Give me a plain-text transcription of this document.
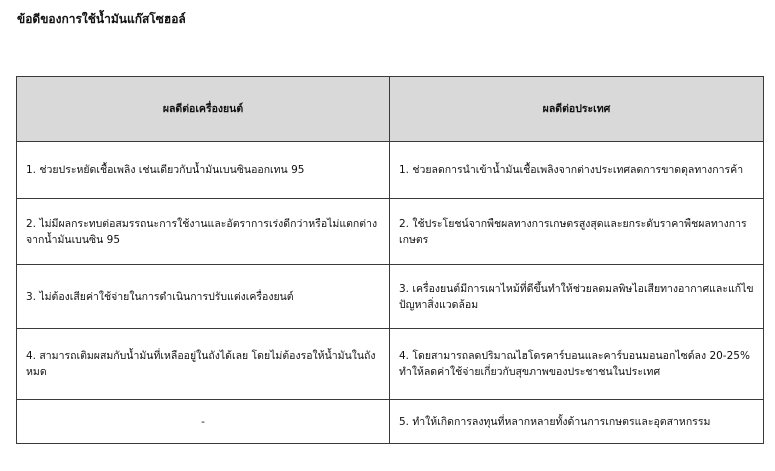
ข้อดีของการใช้น้ำมันแก๊สโซฮอล์
ผลดีต่อเครื่องยนต์	ผลดีต่อประเทศ
1. ช่วยประหยัดเชื้อเพลิง เช่นเดียวกับน้ำมันเบนซินออกเทน 95	1. ช่วยลดการนำเข้าน้ำมันเชื้อเพลิงจากต่างประเทศลดการขาดดุลทางการค้า
2. ไม่มีผลกระทบต่อสมรรถนะการใช้งานและอัตราการเร่งดีกว่าหรือไม่แตกต่างจากน้ำมันเบนซิน 95	2. ใช้ประโยชน์จากพืชผลทางการเกษตรสูงสุดและยกระดับราคาพืชผลทางการเกษตร
3. ไม่ต้องเสียค่าใช้จ่ายในการดำเนินการปรับแต่งเครื่องยนต์	3. เครื่องยนต์มีการเผาไหม้ที่ดีขึ้นทำให้ช่วยลดมลพิษไอเสียทางอากาศและแก้ไขปัญหาสิ่งแวดล้อม
4. สามารถเติมผสมกับน้ำมันที่เหลืออยู่ในถังได้เลย โดยไม่ต้องรอให้น้ำมันในถังหมด	4. โดยสามารถลดปริมาณไฮโดรคาร์บอนและคาร์บอนมอนอกไซด์ลง 20-25% ทำให้ลดค่าใช้จ่ายเกี่ยวกับสุขภาพของประชาชนในประเทศ
-	5. ทำให้เกิดการลงทุนที่หลากหลายทั้งด้านการเกษตรและอุตสาหกรรม
